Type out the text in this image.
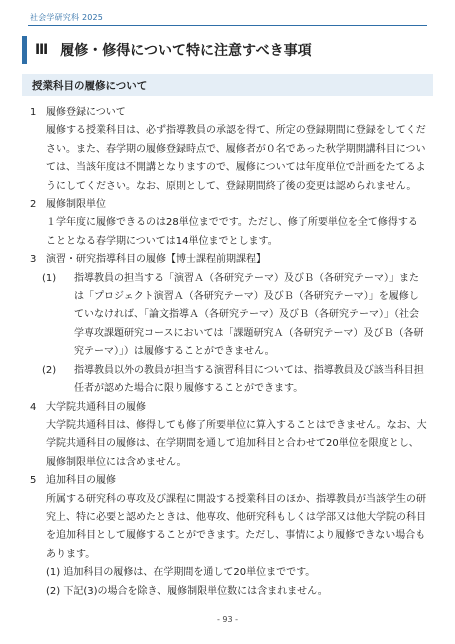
社会学研究科 2025
Ⅲ 履修・修得について特に注意すべき事項
授業科目の履修について
1 履修登録について
履修する授業科目は、必ず指導教員の承認を得て、所定の登録期間に登録をしてください。また、春学期の履修登録時点で、履修者が０名であった秋学期開講科目については、当該年度は不開講となりますので、履修については年度単位で計画をたてるようにしてください。なお、原則として、登録期間終了後の変更は認められません。
2 履修制限単位
１学年度に履修できるのは28単位までです。ただし、修了所要単位を全て修得することとなる春学期については14単位までとします。
3 演習・研究指導科目の履修【博士課程前期課程】
(1)	指導教員の担当する「演習Ａ（各研究テーマ）及びＢ（各研究テーマ）」または「プロジェクト演習Ａ（各研究テーマ）及びＢ（各研究テーマ）」を履修していなければ、「論文指導Ａ（各研究テーマ）及びＢ（各研究テーマ）」（社会学専攻課題研究コースにおいては「課題研究Ａ（各研究テーマ）及びＢ（各研究テーマ）」）は履修することができません。
(2)	指導教員以外の教員が担当する演習科目については、指導教員及び該当科目担任者が認めた場合に限り履修することができます。
4 大学院共通科目の履修
大学院共通科目は、修得しても修了所要単位に算入することはできません。なお、大学院共通科目の履修は、在学期間を通して追加科目と合わせて20単位を限度とし、履修制限単位には含めません。
5 追加科目の履修
所属する研究科の専攻及び課程に開設する授業科目のほか、指導教員が当該学生の研究上、特に必要と認めたときは、他専攻、他研究科もしくは学部又は他大学院の科目を追加科目として履修することができます。ただし、事情により履修できない場合もあります。
(1) 追加科目の履修は、在学期間を通して20単位までです。
(2) 下記(3)の場合を除き、履修制限単位数には含まれません。
- 93 -
